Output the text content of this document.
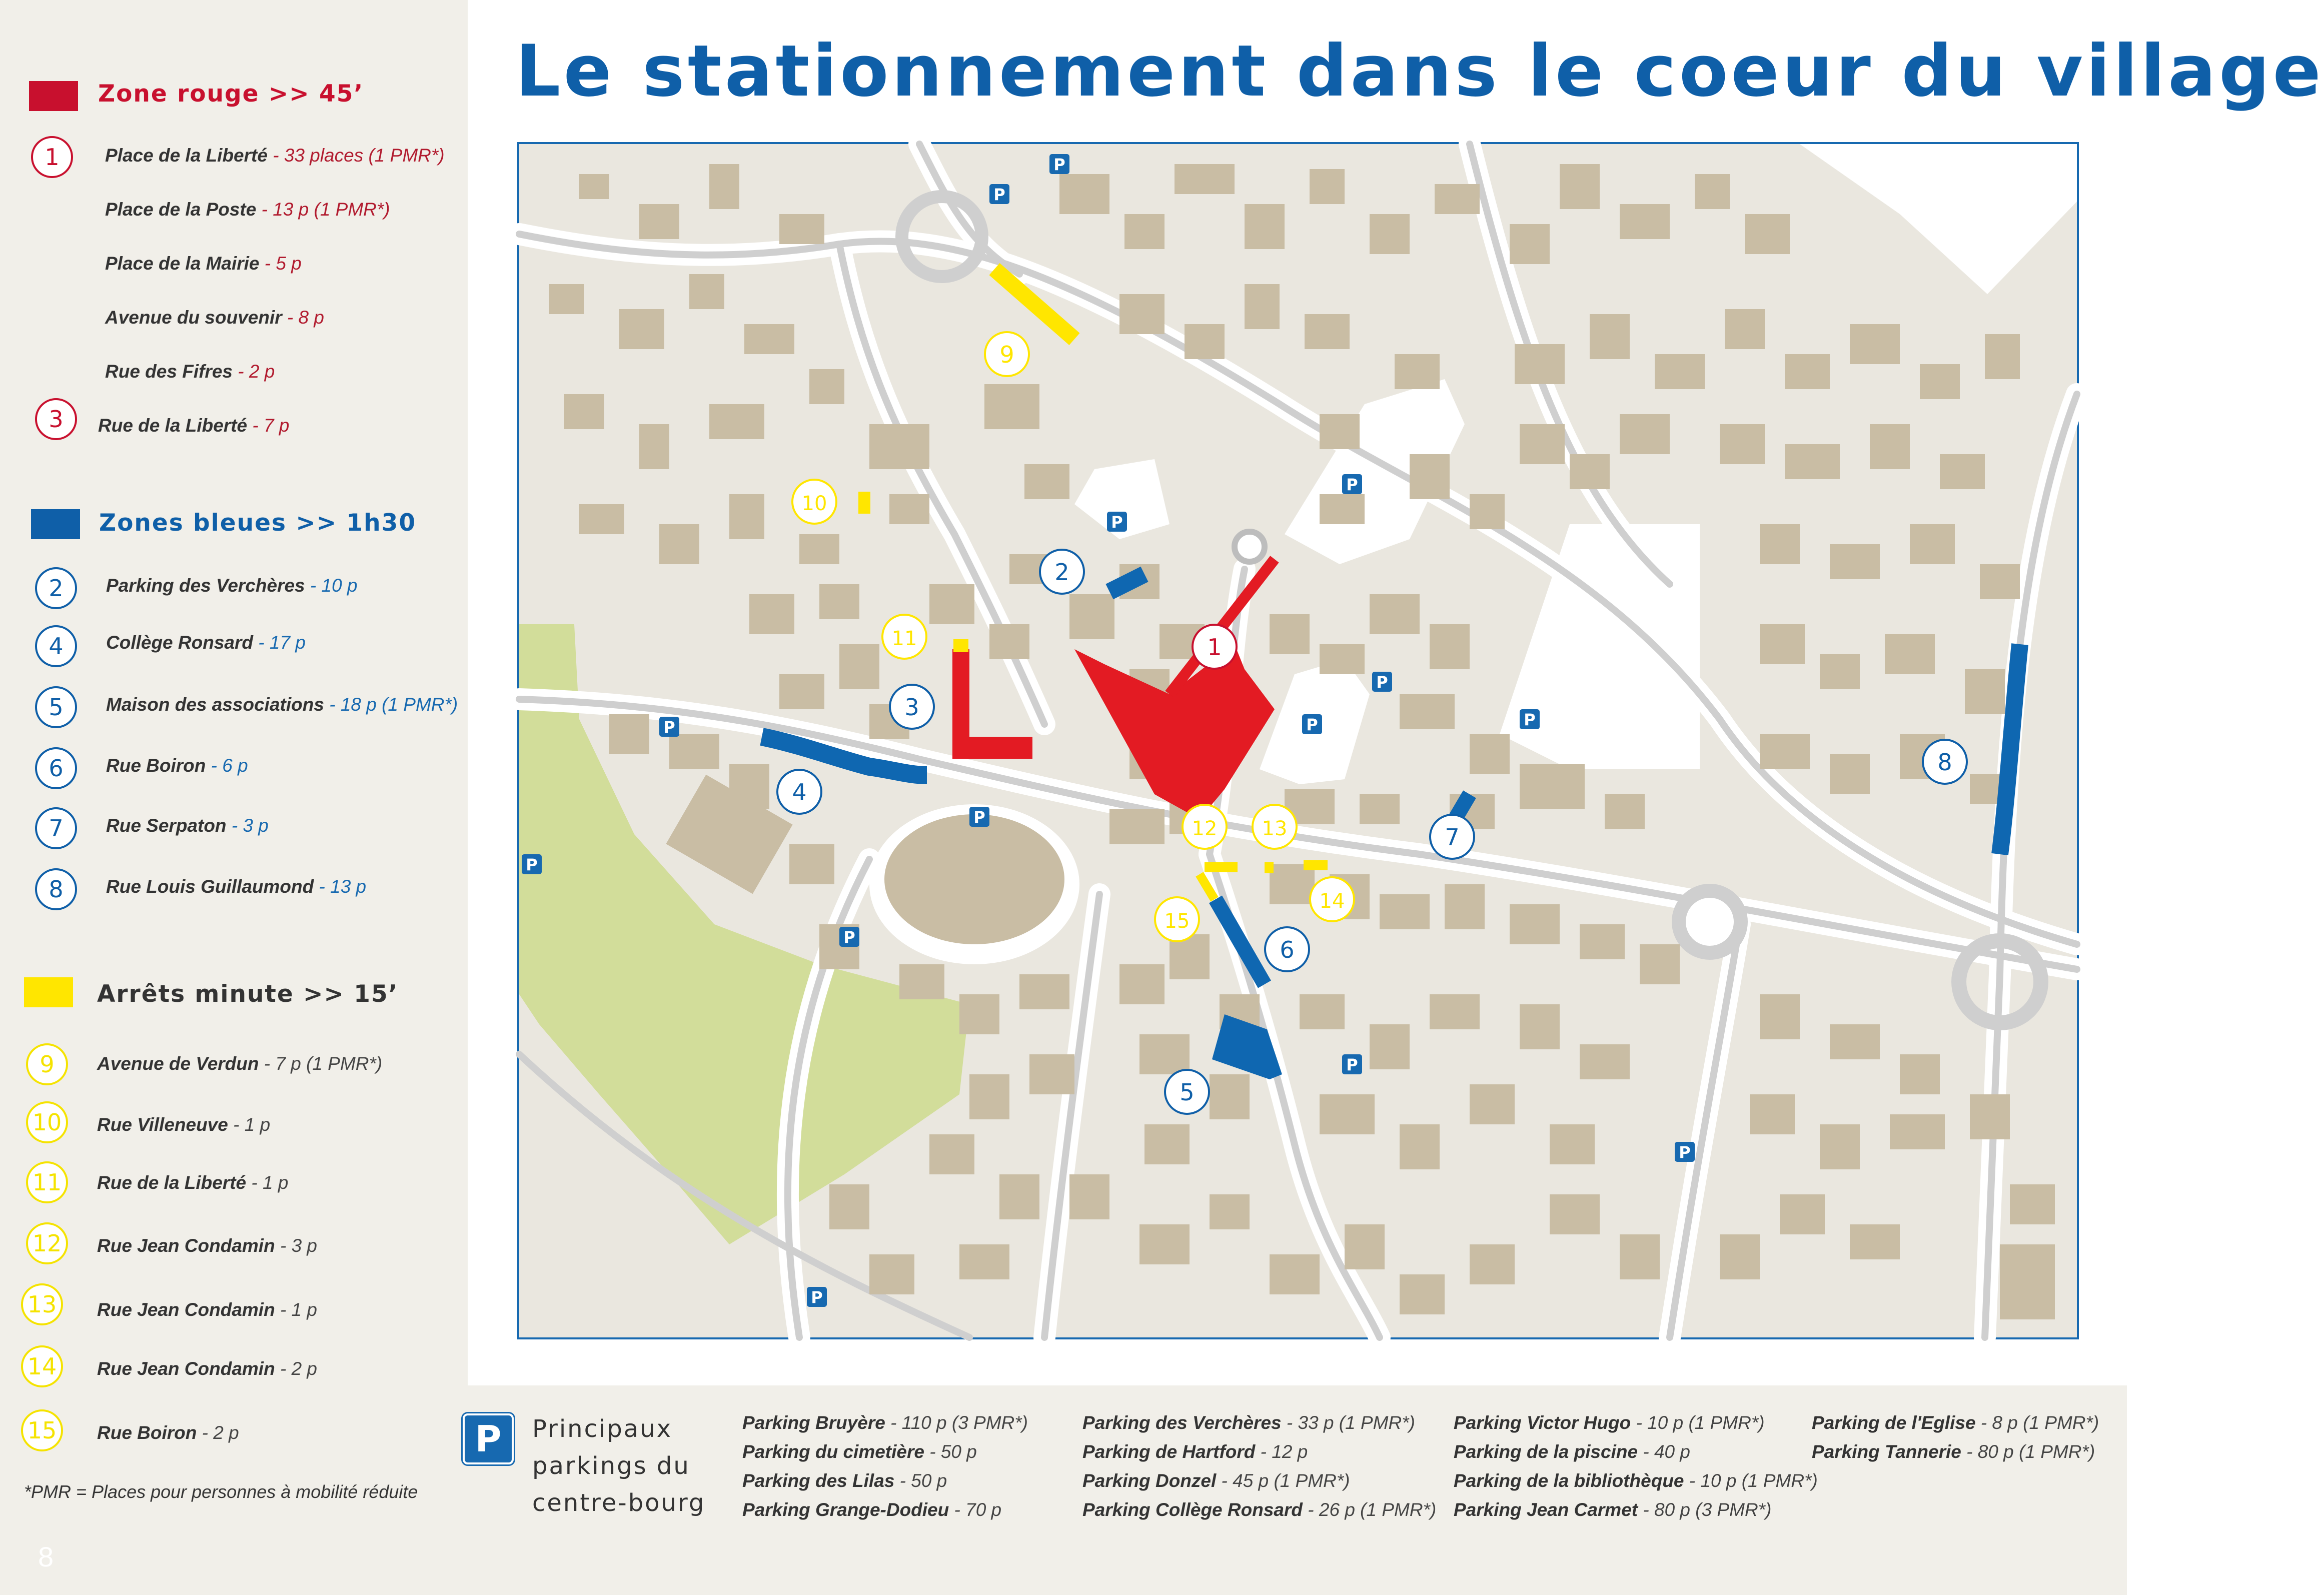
Le stationnement dans le coeur du village
Zone rouge >> 45’
1	Place de la Liberté - 33 places (1 PMR*)
Place de la Poste - 13 p (1 PMR*)
Place de la Mairie - 5 p
Avenue du souvenir - 8 p
Rue des Fifres - 2 p
3	Rue de la Liberté - 7 p
Zones bleues >> 1h30
2	Parking des Verchères - 10 p
4	Collège Ronsard - 17 p
5	Maison des associations - 18 p (1 PMR*)
6	Rue Boiron - 6 p
7	Rue Serpaton - 3 p
8	Rue Louis Guillaumond - 13 p
Arrêts minute >> 15’
9	Avenue de Verdun - 7 p (1 PMR*)
10	Rue Villeneuve - 1 p
11	Rue de la Liberté - 1 p
12	Rue Jean Condamin - 3 p
13	Rue Jean Condamin - 1 p
14	Rue Jean Condamin - 2 p
15	Rue Boiron - 2 p
*PMR = Places pour personnes à mobilité réduite
8
P
P
P
P
P
P	P
P
P
P
P
P
P
P
1
2
3
4
5
6
7
8
9
10
11
12 13
14
15
P	Principaux
parkings du
centre-bourg
Parking Bruyère - 110 p (3 PMR*)
Parking du cimetière - 50 p
Parking des Lilas - 50 p
Parking Grange-Dodieu - 70 p
Parking des Verchères - 33 p (1 PMR*)
Parking de Hartford - 12 p
Parking Donzel - 45 p (1 PMR*)
Parking Collège Ronsard - 26 p (1 PMR*)
Parking Victor Hugo - 10 p (1 PMR*)
Parking de la piscine - 40 p
Parking de la bibliothèque - 10 p (1 PMR*)
Parking Jean Carmet - 80 p (3 PMR*)
Parking de l'Eglise - 8 p (1 PMR*)
Parking Tannerie - 80 p (1 PMR*)
